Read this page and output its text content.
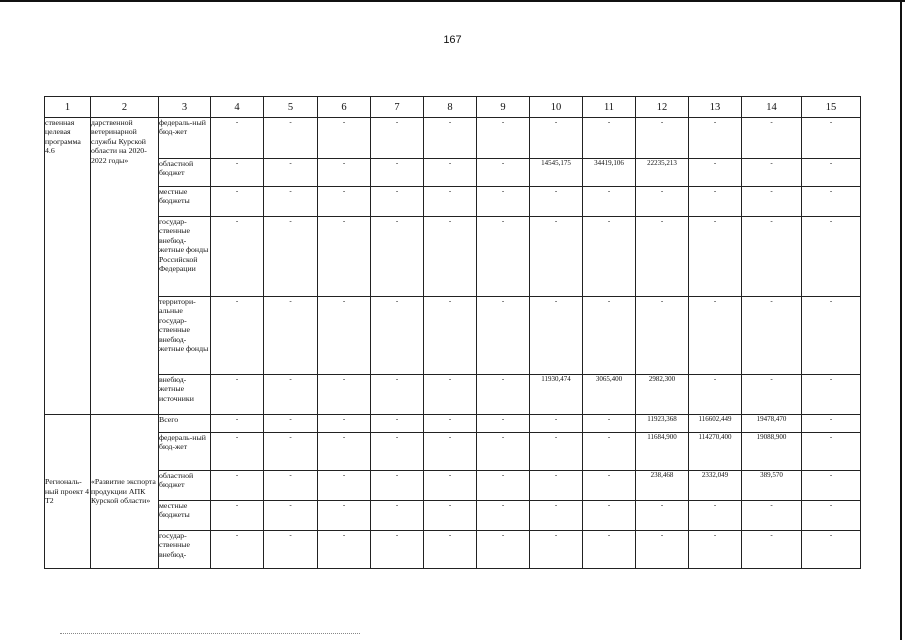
167
1	2	3	4	5	6	7	8	9	10	11	12	13	14	15
ственная целевая программа 4.6	дарственной ветеринарной службы Курской области на 2020-2022 годы»	федераль-ный бюд-жет	-	-	-	-	-	-	-	-	-	-	-	-
		областной бюджет	-	-	-	-	-	-	14545,175	34419,106	22235,213	-	-	-
		местные бюджеты	-	-	-	-	-	-	-	-	-	-	-	-
		государ-ственные внебюд-жетные фонды Российской Федерации	-	-	-	-	-	-	-	-	-	-	-	-
		территори-альные государ-ственные внебюд-жетные фонды	-	-	-	-	-	-	-	-	-	-	-	-
		внебюд-жетные источники	-	-	-	-	-	-	11930,474	3065,400	2982,300	-	-	-
Региональ-ный проект 4 Т2	«Развитие экспорта продукции АПК Курской области»	Всего	-	-	-	-	-	-	-	-	11923,368	116602,449	19478,470	-
		федераль-ный бюд-жет	-	-	-	-	-	-	-	-	11684,900	114270,400	19088,900	-
		областной бюджет	-	-	-	-	-	-	-	-	238,468	2332,049	389,570	-
		местные бюджеты	-	-	-	-	-	-	-	-	-	-	-	-
		государ-ственные внебюд-	-	-	-	-	-	-	-	-	-	-	-	-
